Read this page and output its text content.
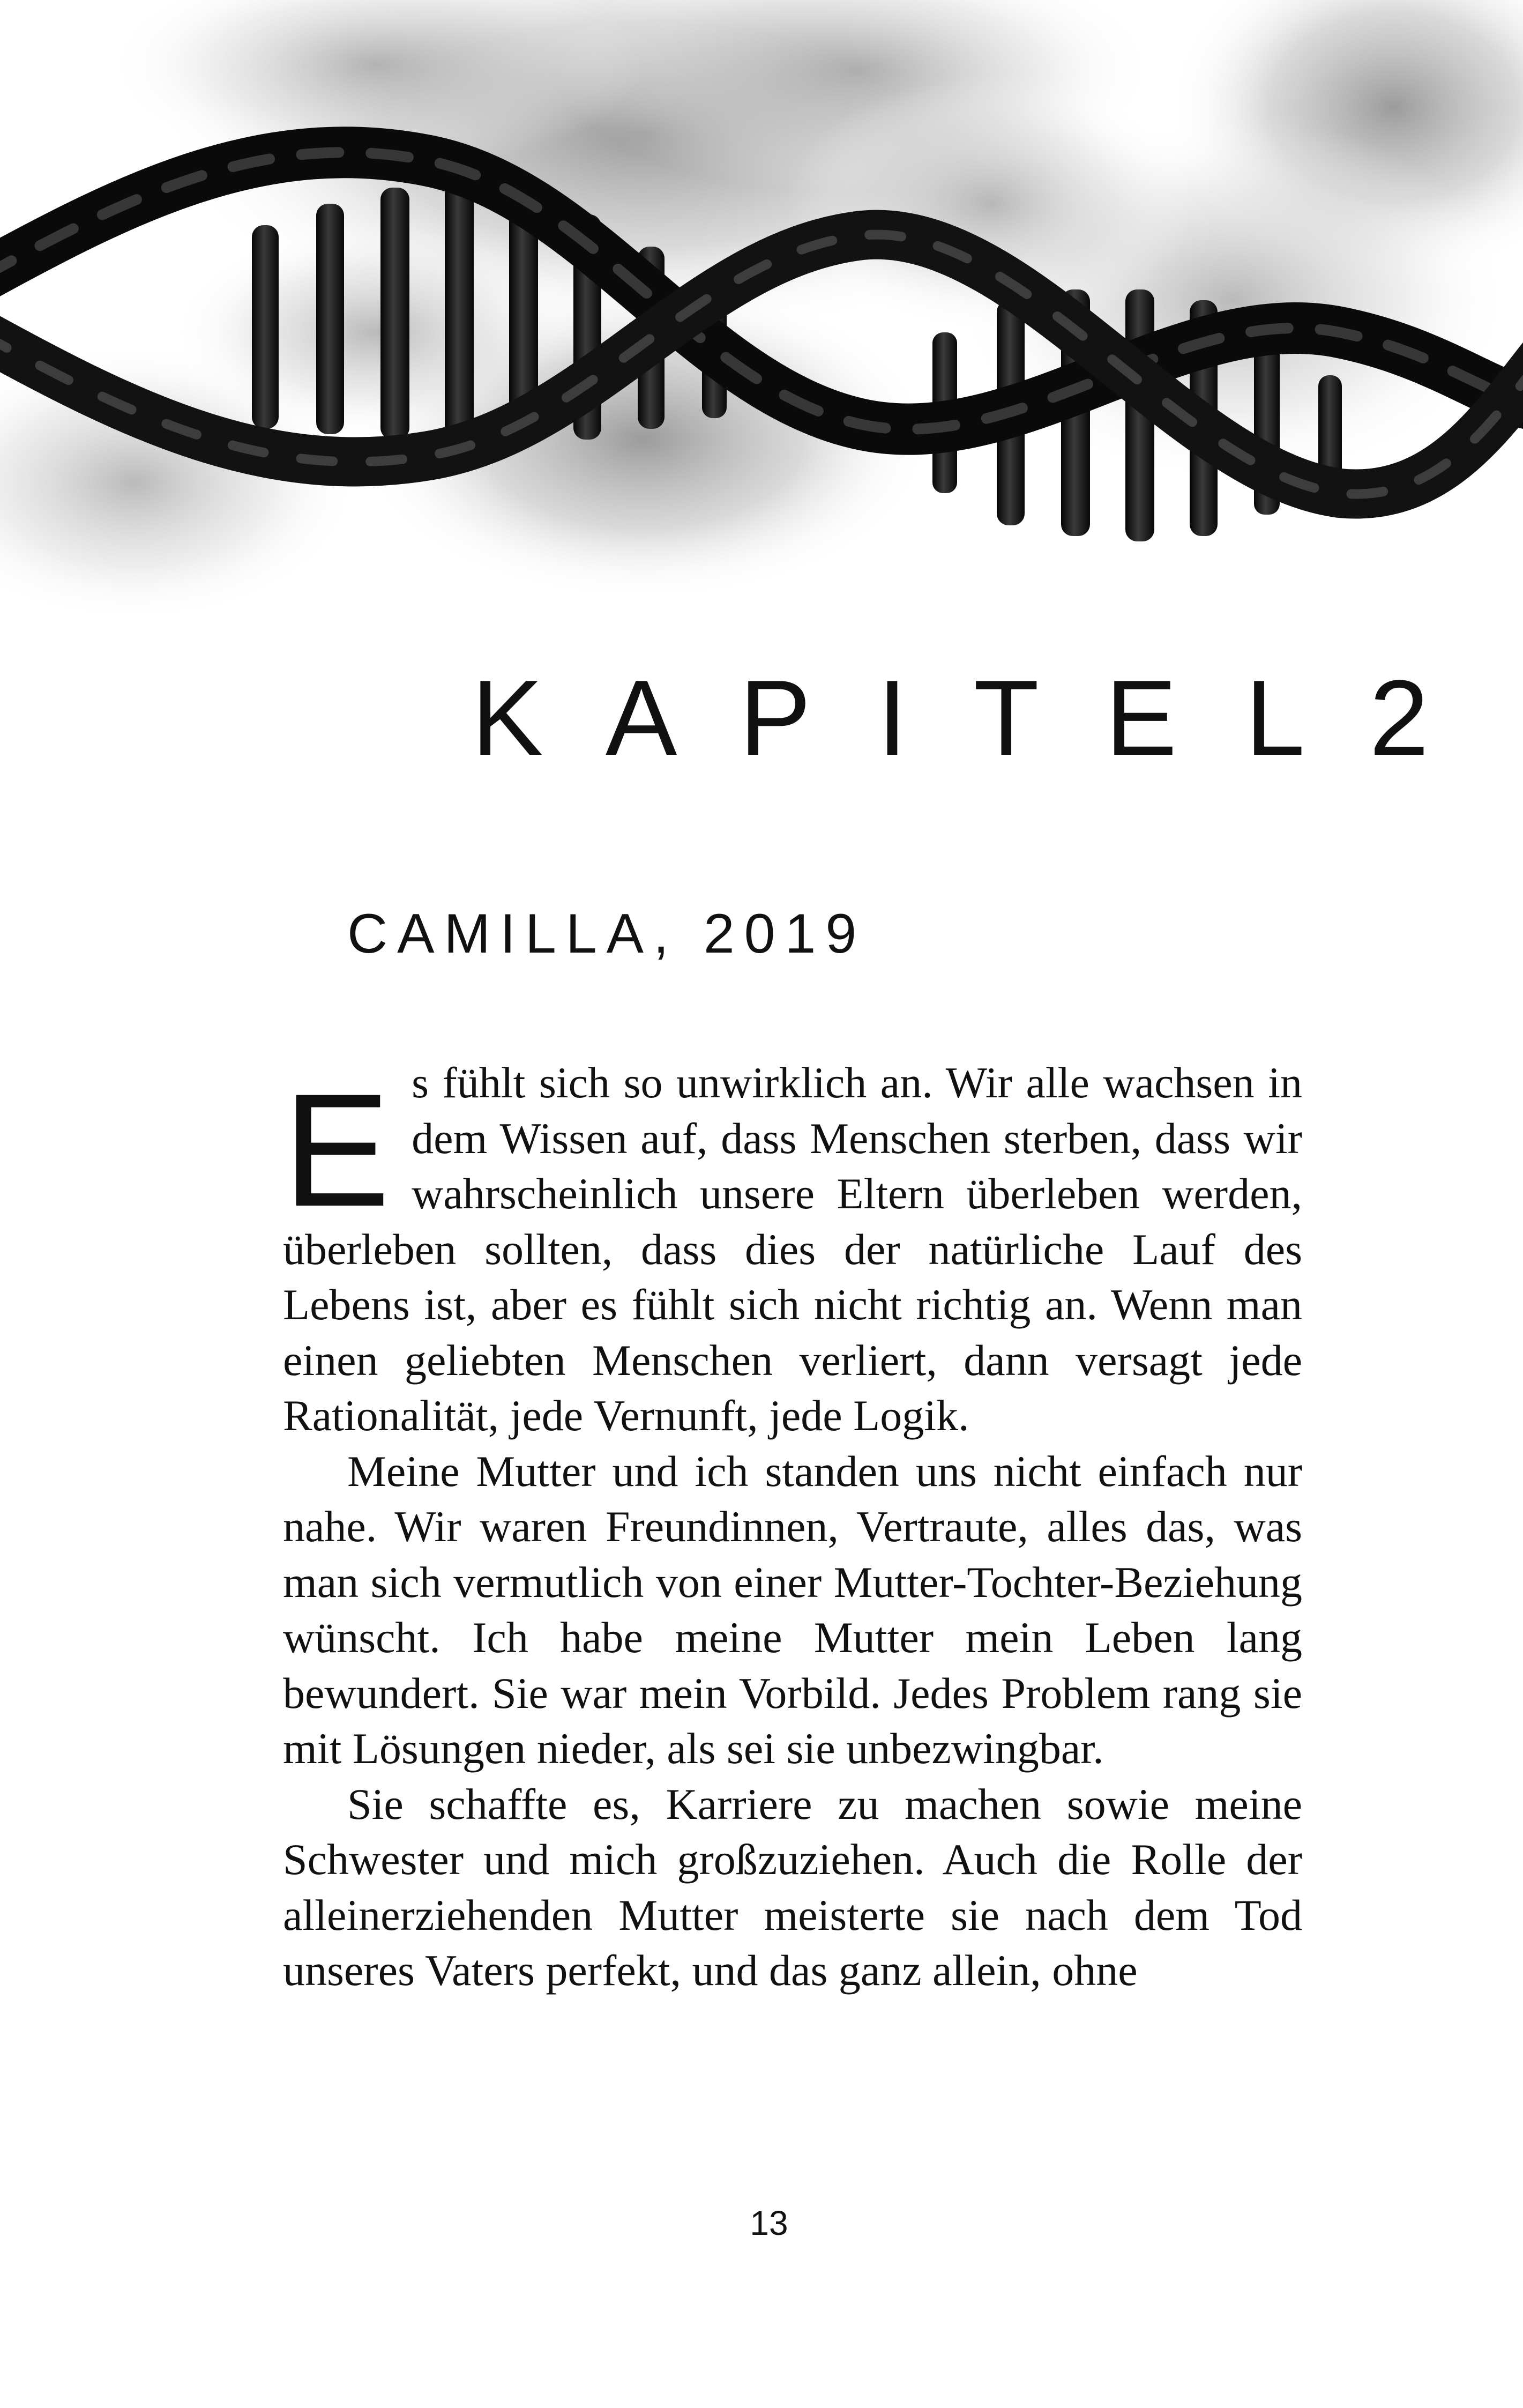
K A P I T E L 2
CAMILLA, 2019

Es fühlt sich so unwirklich an. Wir alle wachsen in dem Wissen auf, dass Menschen sterben, dass wir wahrscheinlich unsere Eltern überleben werden, überleben sollten, dass dies der natürliche Lauf des Lebens ist, aber es fühlt sich nicht richtig an. Wenn man einen geliebten Menschen verliert, dann versagt jede Rationalität, jede Vernunft, jede Logik.

Meine Mutter und ich standen uns nicht einfach nur nahe. Wir waren Freundinnen, Vertraute, alles das, was man sich vermutlich von einer Mutter-Tochter-Beziehung wünscht. Ich habe meine Mutter mein Leben lang bewundert. Sie war mein Vorbild. Jedes Problem rang sie mit Lösungen nieder, als sei sie unbezwingbar.

Sie schaffte es, Karriere zu machen sowie meine Schwester und mich großzuziehen. Auch die Rolle der alleinerziehenden Mutter meisterte sie nach dem Tod unseres Vaters perfekt, und das ganz allein, ohne

13
